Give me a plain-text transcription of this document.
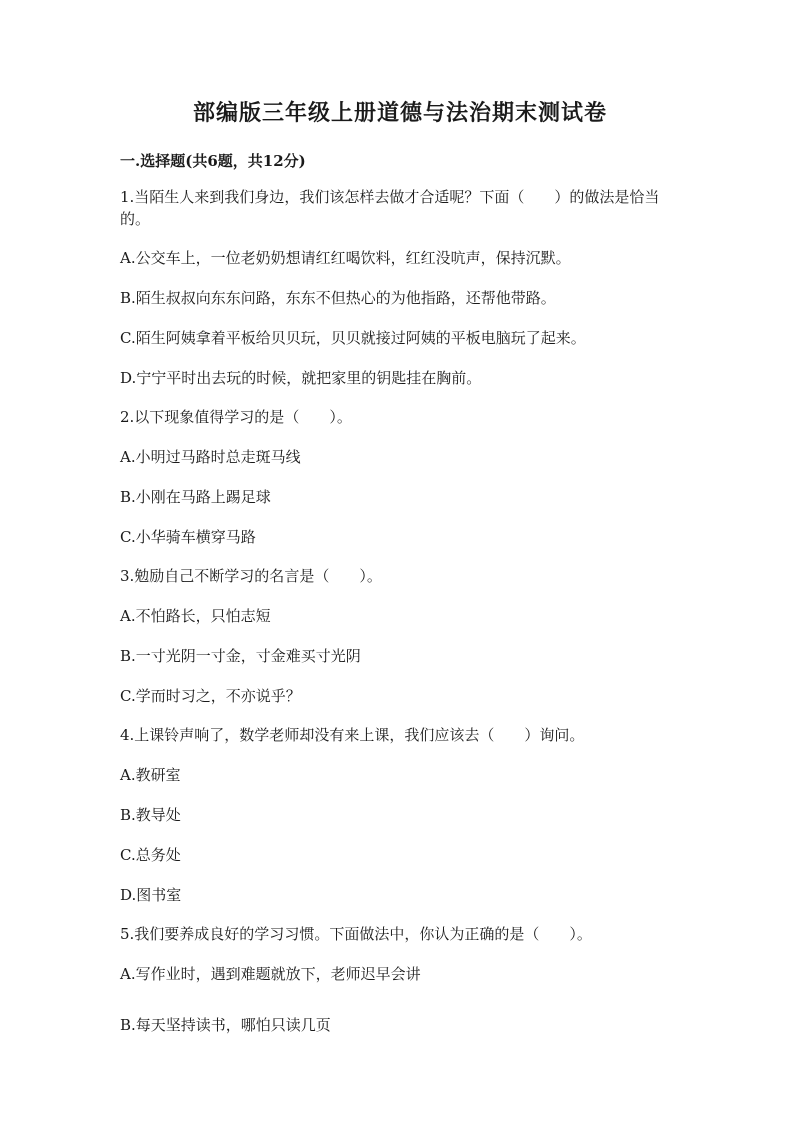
部编版三年级上册道德与法治期末测试卷
一.选择题(共6题，共12分)
1.当陌生人来到我们身边，我们该怎样去做才合适呢？下面（　　）的做法是恰当的。
A.公交车上，一位老奶奶想请红红喝饮料，红红没吭声，保持沉默。
B.陌生叔叔向东东问路，东东不但热心的为他指路，还帮他带路。
C.陌生阿姨拿着平板给贝贝玩，贝贝就接过阿姨的平板电脑玩了起来。
D.宁宁平时出去玩的时候，就把家里的钥匙挂在胸前。
2.以下现象值得学习的是（　　）。
A.小明过马路时总走斑马线
B.小刚在马路上踢足球
C.小华骑车横穿马路
3.勉励自己不断学习的名言是（　　）。
A.不怕路长，只怕志短
B.一寸光阴一寸金，寸金难买寸光阴
C.学而时习之，不亦说乎？
4.上课铃声响了，数学老师却没有来上课，我们应该去（　　）询问。
A.教研室
B.教导处
C.总务处
D.图书室
5.我们要养成良好的学习习惯。下面做法中，你认为正确的是（　　）。
A.写作业时，遇到难题就放下，老师迟早会讲
B.每天坚持读书，哪怕只读几页
